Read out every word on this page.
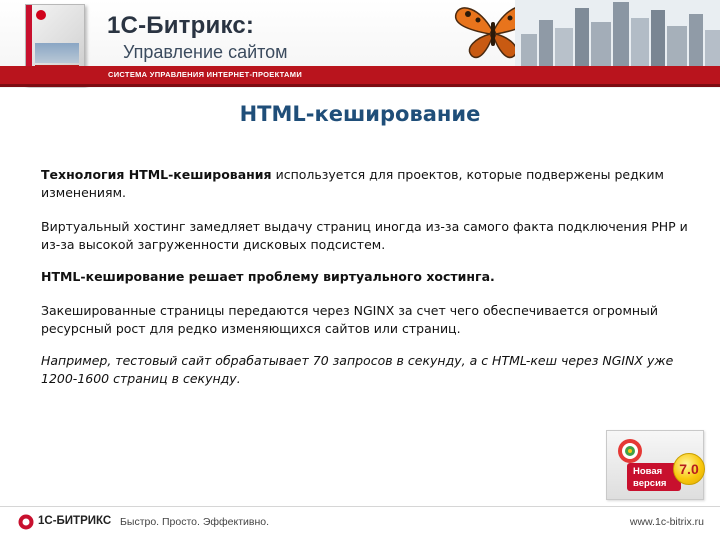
1С-Битрикс:
Управление сайтом
СИСТЕМА УПРАВЛЕНИЯ ИНТЕРНЕТ-ПРОЕКТАМИ
HTML-кеширование

Технология HTML-кеширования используется для проектов, которые подвержены редким изменениям.

Виртуальный хостинг замедляет выдачу страниц иногда из-за самого факта подключения PHP и из-за высокой загруженности дисковых подсистем.

HTML-кеширование решает проблему виртуального хостинга.

Закешированные страницы передаются через NGINX за счет чего обеспечивается огромный ресурсный рост для редко изменяющихся сайтов или страниц.

Например, тестовый сайт обрабатывает 70 запросов в секунду, а с HTML-кеш через NGINX уже 1200-1600 страниц в секунду.

Новая
версия
7.0
1С-БИТРИКС Быстро. Просто. Эффективно.	www.1c-bitrix.ru
